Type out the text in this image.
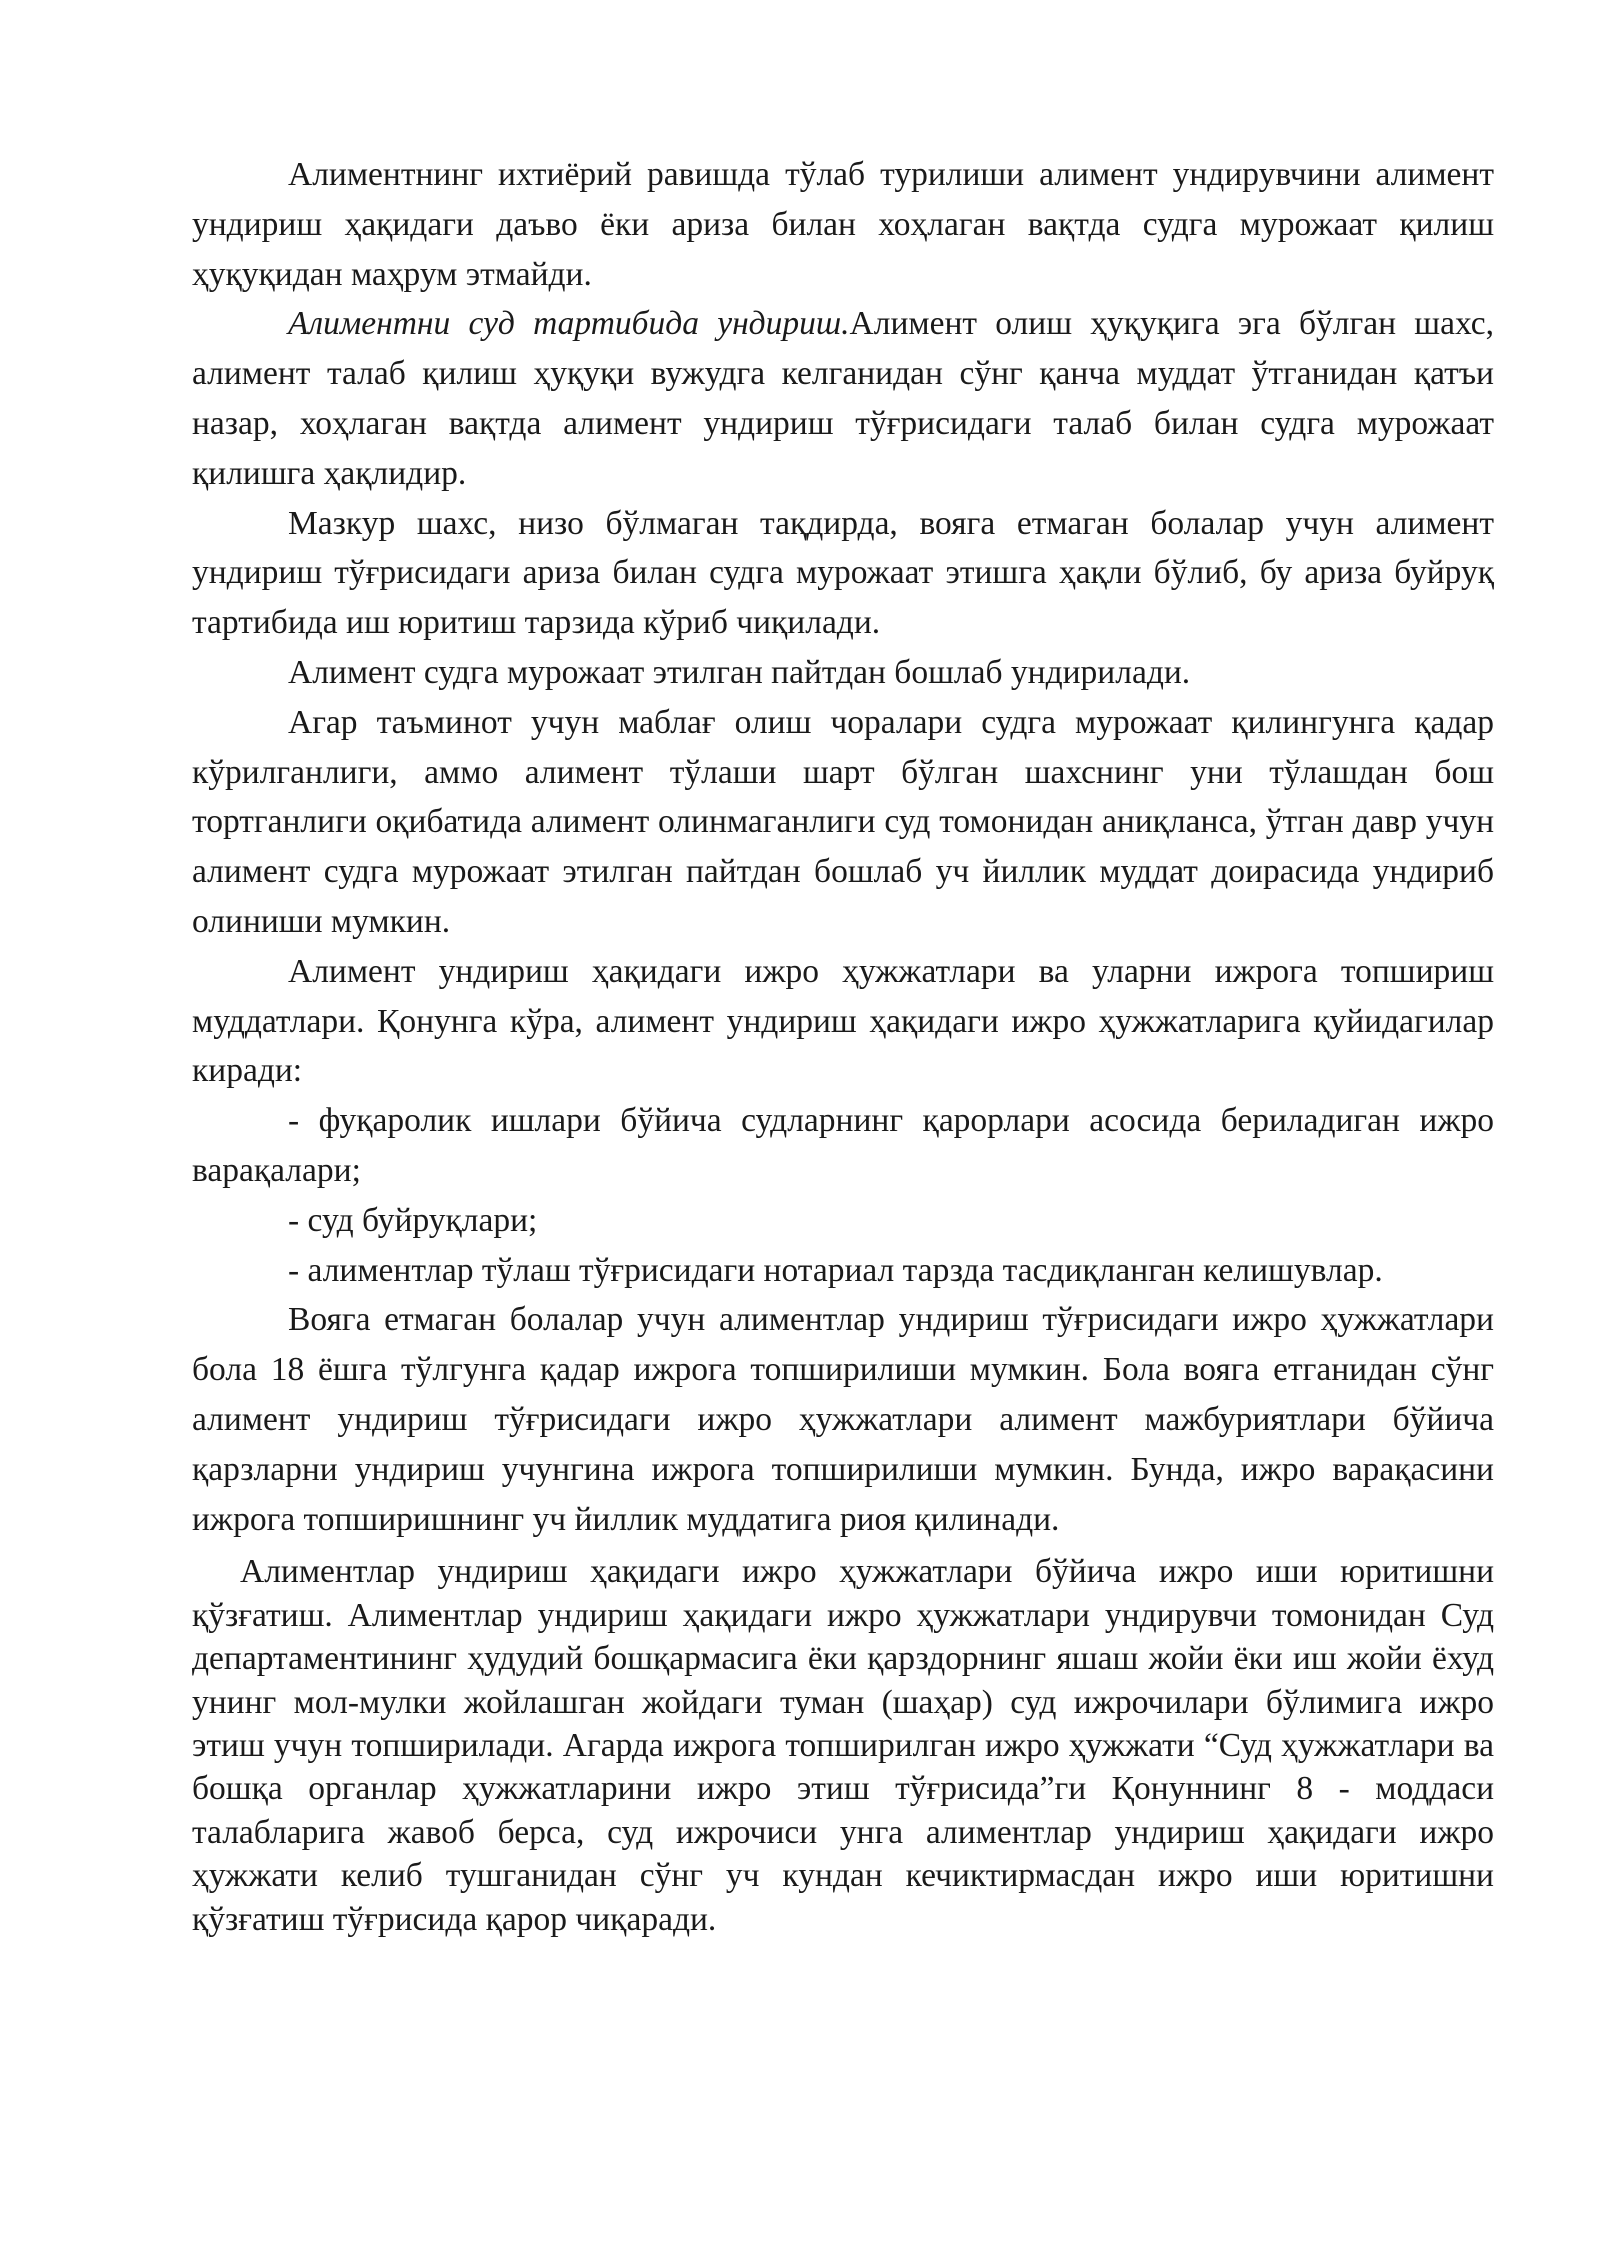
Алиментнинг ихтиёрий равишда тўлаб турилиши алимент ундирувчини алимент ундириш ҳақидаги даъво ёки ариза билан хоҳлаган вақтда судга мурожаат қилиш ҳуқуқидан маҳрум этмайди.

Алиментни суд тартибида ундириш.Алимент олиш ҳуқуқига эга бўлган шахс, алимент талаб қилиш ҳуқуқи вужудга келганидан сўнг қанча муддат ўтганидан қатъи назар, хоҳлаган вақтда алимент ундириш тўғрисидаги талаб билан судга мурожаат қилишга ҳақлидир.

Мазкур шахс, низо бўлмаган тақдирда, вояга етмаган болалар учун алимент ундириш тўғрисидаги ариза билан судга мурожаат этишга ҳақли бўлиб, бу ариза буйруқ тартибида иш юритиш тарзида кўриб чиқилади.

Алимент судга мурожаат этилган пайтдан бошлаб ундирилади.

Агар таъминот учун маблағ олиш чоралари судга мурожаат қилингунга қадар кўрилганлиги, аммо алимент тўлаши шарт бўлган шахснинг уни тўлашдан бош тортганлиги оқибатида алимент олинмаганлиги суд томонидан аниқланса, ўтган давр учун алимент судга мурожаат этилган пайтдан бошлаб уч йиллик муддат доирасида ундириб олиниши мумкин.

Алимент ундириш ҳақидаги ижро ҳужжатлари ва уларни ижрога топшириш муддатлари. Қонунга кўра, алимент ундириш ҳақидаги ижро ҳужжатларига қуйидагилар киради:

- фуқаролик ишлари бўйича судларнинг қарорлари асосида бериладиган ижро варақалари;

- суд буйруқлари;

- алиментлар тўлаш тўғрисидаги нотариал тарзда тасдиқланган келишувлар.

Вояга етмаган болалар учун алиментлар ундириш тўғрисидаги ижро ҳужжатлари бола 18 ёшга тўлгунга қадар ижрога топширилиши мумкин. Бола вояга етганидан сўнг алимент ундириш тўғрисидаги ижро ҳужжатлари алимент мажбуриятлари бўйича қарзларни ундириш учунгина ижрога топширилиши мумкин. Бунда, ижро варақасини ижрога топширишнинг уч йиллик муддатига риоя қилинади.

Алиментлар ундириш ҳақидаги ижро ҳужжатлари бўйича ижро иши юритишни қўзғатиш. Алиментлар ундириш ҳақидаги ижро ҳужжатлари ундирувчи томонидан Суд департаментининг ҳудудий бошқармасига ёки қарздорнинг яшаш жойи ёки иш жойи ёхуд унинг мол-мулки жойлашган жойдаги туман (шаҳар) суд ижрочилари бўлимига ижро этиш учун топширилади. Агарда ижрога топширилган ижро ҳужжати “Суд ҳужжатлари ва бошқа органлар ҳужжатларини ижро этиш тўғрисида”ги Қонуннинг 8 - моддаси талабларига жавоб берса, суд ижрочиси унга алиментлар ундириш ҳақидаги ижро ҳужжати келиб тушганидан сўнг уч кундан кечиктирмасдан ижро иши юритишни қўзғатиш тўғрисида қарор чиқаради.
